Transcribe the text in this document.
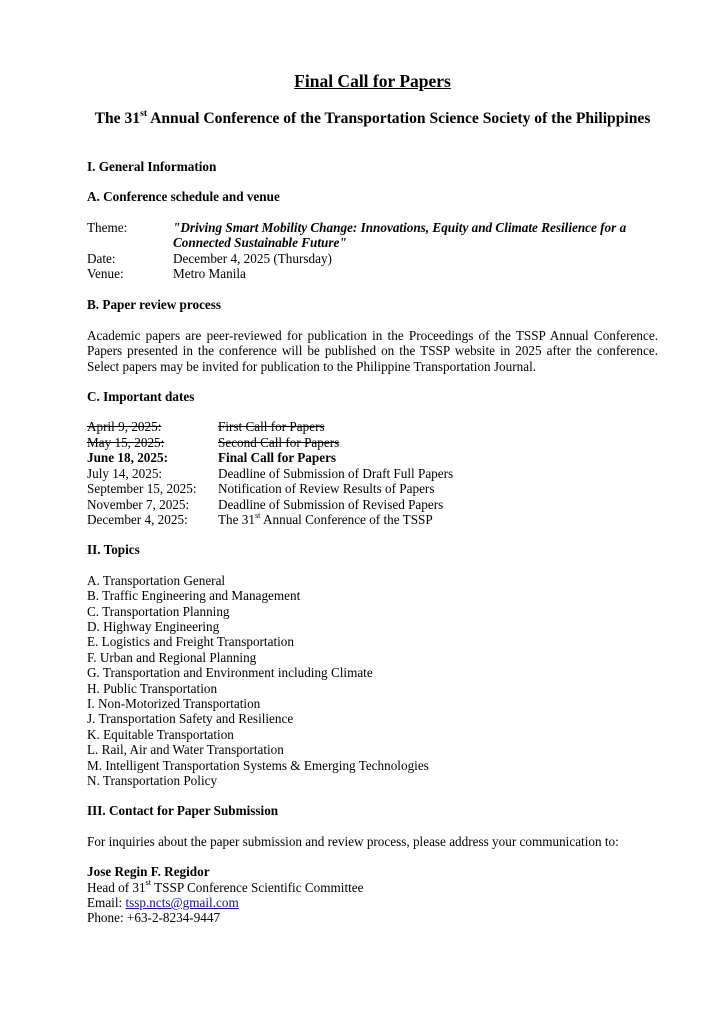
Final Call for Papers
The 31st Annual Conference of the Transportation Science Society of the Philippines
I. General Information
A. Conference schedule and venue
Theme:	"Driving Smart Mobility Change: Innovations, Equity and Climate Resilience for a Connected Sustainable Future"
Date:	December 4, 2025 (Thursday)
Venue:	Metro Manila
B. Paper review process

Academic papers are peer-reviewed for publication in the Proceedings of the TSSP Annual Conference. Papers presented in the conference will be published on the TSSP website in 2025 after the conference. Select papers may be invited for publication to the Philippine Transportation Journal.

C. Important dates
April 9, 2025:	First Call for Papers
May 15, 2025:	Second Call for Papers
June 18, 2025:	Final Call for Papers
July 14, 2025:	Deadline of Submission of Draft Full Papers
September 15, 2025:	Notification of Review Results of Papers
November 7, 2025:	Deadline of Submission of Revised Papers
December 4, 2025:	The 31st Annual Conference of the TSSP
II. Topics
A. Transportation General
B. Traffic Engineering and Management
C. Transportation Planning
D. Highway Engineering
E. Logistics and Freight Transportation
F. Urban and Regional Planning
G. Transportation and Environment including Climate
H. Public Transportation
I. Non-Motorized Transportation
J. Transportation Safety and Resilience
K. Equitable Transportation
L. Rail, Air and Water Transportation
M. Intelligent Transportation Systems & Emerging Technologies
N. Transportation Policy
III. Contact for Paper Submission

For inquiries about the paper submission and review process, please address your communication to:

Jose Regin F. Regidor
Head of 31st TSSP Conference Scientific Committee
Email: tssp.ncts@gmail.com
Phone: +63-2-8234-9447
